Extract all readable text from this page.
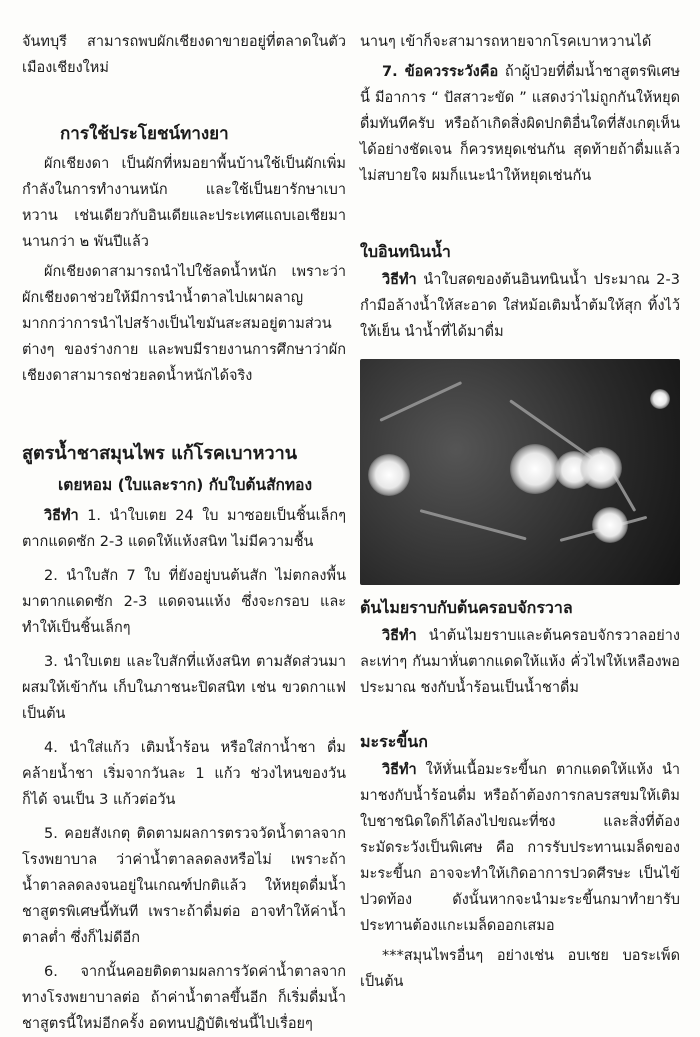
จันทบุรี สามารถพบผักเชียงดาขายอยู่ที่ตลาดในตัวเมืองเชียงใหม่

การใช้ประโยชน์ทางยา

ผักเชียงดา เป็นผักที่หมอยาพื้นบ้านใช้เป็นผักเพิ่มกำลังในการทำงานหนัก และใช้เป็นยารักษาเบาหวาน เช่นเดียวกับอินเดียและประเทศแถบเอเชียมานานกว่า ๒ พันปีแล้ว

ผักเชียงดาสามารถนำไปใช้ลดน้ำหนัก เพราะว่าผักเชียงดาช่วยให้มีการนำน้ำตาลไปเผาผลาญมากกว่าการนำไปสร้างเป็นไขมันสะสมอยู่ตามส่วนต่างๆ ของร่างกาย และพบมีรายงานการศึกษาว่าผักเชียงดาสามารถช่วยลดน้ำหนักได้จริง

สูตรน้ำชาสมุนไพร แก้โรคเบาหวาน
เตยหอม (ใบและราก) กับใบต้นสักทอง

วิธีทำ 1. นำใบเตย 24 ใบ มาซอยเป็นชิ้นเล็กๆ ตากแดดซัก 2-3 แดดให้แห้งสนิท ไม่มีความชื้น

2. นำใบสัก 7 ใบ ที่ยังอยู่บนต้นสัก ไม่ตกลงพื้น มาตากแดดซัก 2-3 แดดจนแห้ง ซึ่งจะกรอบ และทำให้เป็นชิ้นเล็กๆ

3. นำใบเตย และใบสักที่แห้งสนิท ตามสัดส่วนมาผสมให้เข้ากัน เก็บในภาชนะปิดสนิท เช่น ขวดกาแฟ เป็นต้น

4. นำใส่แก้ว เติมน้ำร้อน หรือใส่กาน้ำชา ดื่มคล้ายน้ำชา เริ่มจากวันละ 1 แก้ว ช่วงไหนของวันก็ได้ จนเป็น 3 แก้วต่อวัน

5. คอยสังเกตุ ติดตามผลการตรวจวัดน้ำตาลจากโรงพยาบาล ว่าค่าน้ำตาลลดลงหรือไม่ เพราะถ้าน้ำตาลลดลงจนอยู่ในเกณฑ์ปกติแล้ว ให้หยุดดื่มน้ำชาสูตรพิเศษนี้ทันที เพราะถ้าดื่มต่อ อาจทำให้ค่าน้ำตาลต่ำ ซึ่งก็ไม่ดีอีก

6. จากนั้นคอยติดตามผลการวัดค่าน้ำตาลจากทางโรงพยาบาลต่อ ถ้าค่าน้ำตาลขึ้นอีก ก็เริ่มดื่มน้ำชาสูตรนี้ใหม่อีกครั้ง อดทนปฏิบัติเช่นนี้ไปเรื่อยๆ

นานๆ เข้าก็จะสามารถหายจากโรคเบาหวานได้

7. ข้อควรระวังคือ ถ้าผู้ป่วยที่ดื่มน้ำชาสูตรพิเศษนี้ มีอาการ “ ปัสสาวะขัด ” แสดงว่าไม่ถูกกันให้หยุดดื่มทันทีครับ หรือถ้าเกิดสิ่งผิดปกติอื่นใดที่สังเกตุเห็นได้อย่างชัดเจน ก็ควรหยุดเช่นกัน สุดท้ายถ้าดื่มแล้วไม่สบายใจ ผมก็แนะนำให้หยุดเช่นกัน

ใบอินทนินน้ำ

วิธีทำ นำใบสดของต้นอินทนินน้ำ ประมาณ 2-3 กำมือล้างน้ำให้สะอาด ใส่หม้อเติมน้ำต้มให้สุก ทิ้งไว้ให้เย็น นำน้ำที่ได้มาดื่ม

ต้นไมยราบกับต้นครอบจักรวาล

วิธีทำ นำต้นไมยราบและต้นครอบจักรวาลอย่างละเท่าๆ กันมาหั่นตากแดดให้แห้ง คั่วไฟให้เหลืองพอประมาณ ชงกับน้ำร้อนเป็นน้ำชาดื่ม

มะระขี้นก

วิธีทำ ให้หั่นเนื้อมะระขี้นก ตากแดดให้แห้ง นำมาชงกับน้ำร้อนดื่ม หรือถ้าต้องการกลบรสขมให้เติมใบชาชนิดใดก็ได้ลงไปขณะที่ชง และสิ่งที่ต้องระมัดระวังเป็นพิเศษ คือ การรับประทานเมล็ดของมะระขี้นก อาจจะทำให้เกิดอาการปวดศีรษะ เป็นไข้ปวดท้อง ดังนั้นหากจะนำมะระขี้นกมาทำยารับประทานต้องแกะเมล็ดออกเสมอ

***สมุนไพรอื่นๆ อย่างเช่น อบเชย บอระเพ็ดเป็นต้น
